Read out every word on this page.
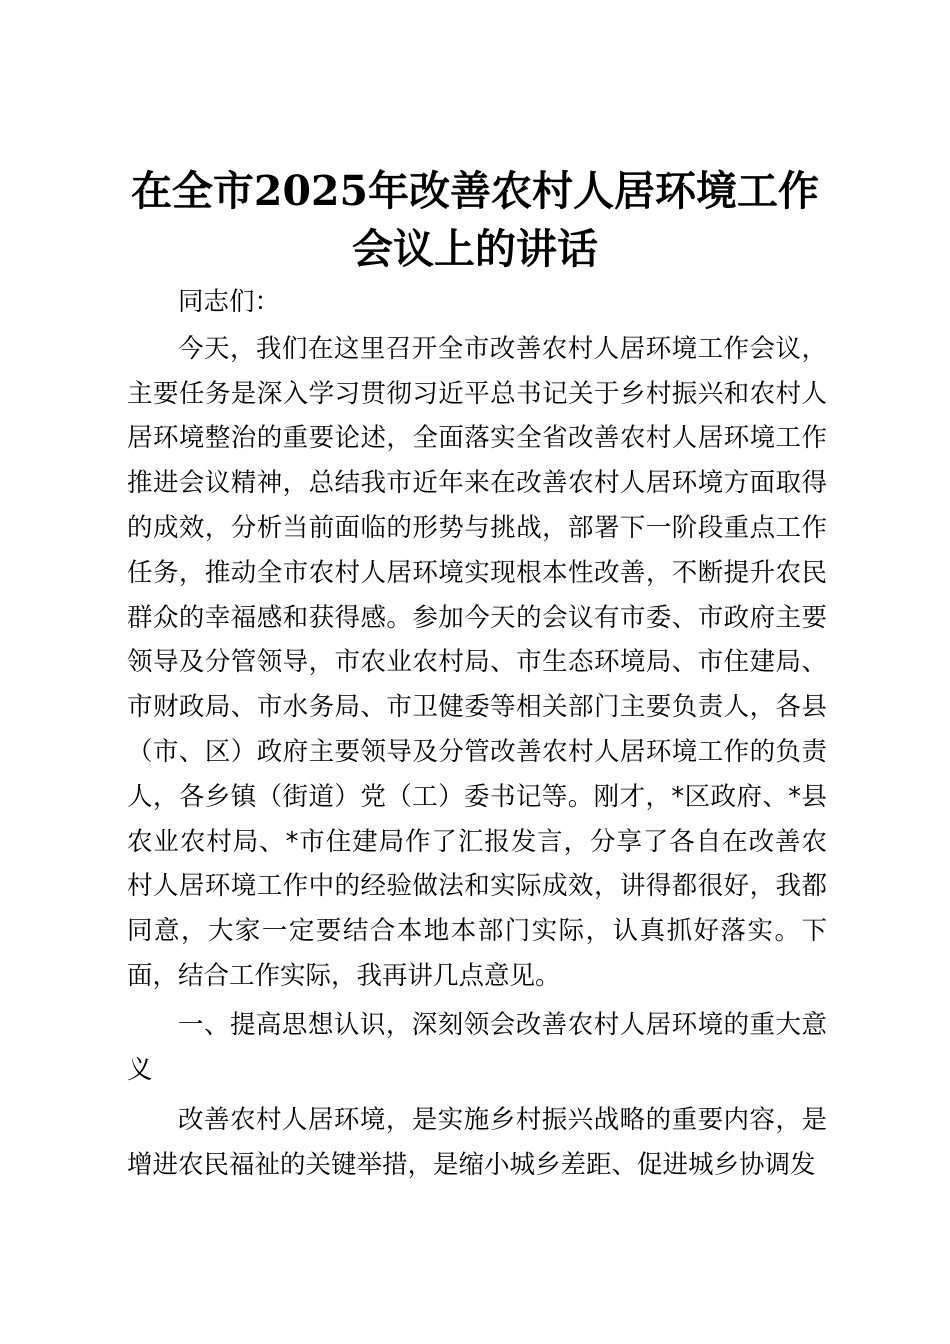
在全市2025年改善农村人居环境工作
会议上的讲话

同志们：

今天，我们在这里召开全市改善农村人居环境工作会议，主要任务是深入学习贯彻习近平总书记关于乡村振兴和农村人居环境整治的重要论述，全面落实全省改善农村人居环境工作推进会议精神，总结我市近年来在改善农村人居环境方面取得的成效，分析当前面临的形势与挑战，部署下一阶段重点工作任务，推动全市农村人居环境实现根本性改善，不断提升农民群众的幸福感和获得感。参加今天的会议有市委、市政府主要领导及分管领导，市农业农村局、市生态环境局、市住建局、市财政局、市水务局、市卫健委等相关部门主要负责人，各县（市、区）政府主要领导及分管改善农村人居环境工作的负责人，各乡镇（街道）党（工）委书记等。刚才，*区政府、*县农业农村局、*市住建局作了汇报发言，分享了各自在改善农村人居环境工作中的经验做法和实际成效，讲得都很好，我都同意，大家一定要结合本地本部门实际，认真抓好落实。下面，结合工作实际，我再讲几点意见。

一、提高思想认识，深刻领会改善农村人居环境的重大意义

改善农村人居环境，是实施乡村振兴战略的重要内容，是增进农民福祉的关键举措，是缩小城乡差距、促进城乡协调发
